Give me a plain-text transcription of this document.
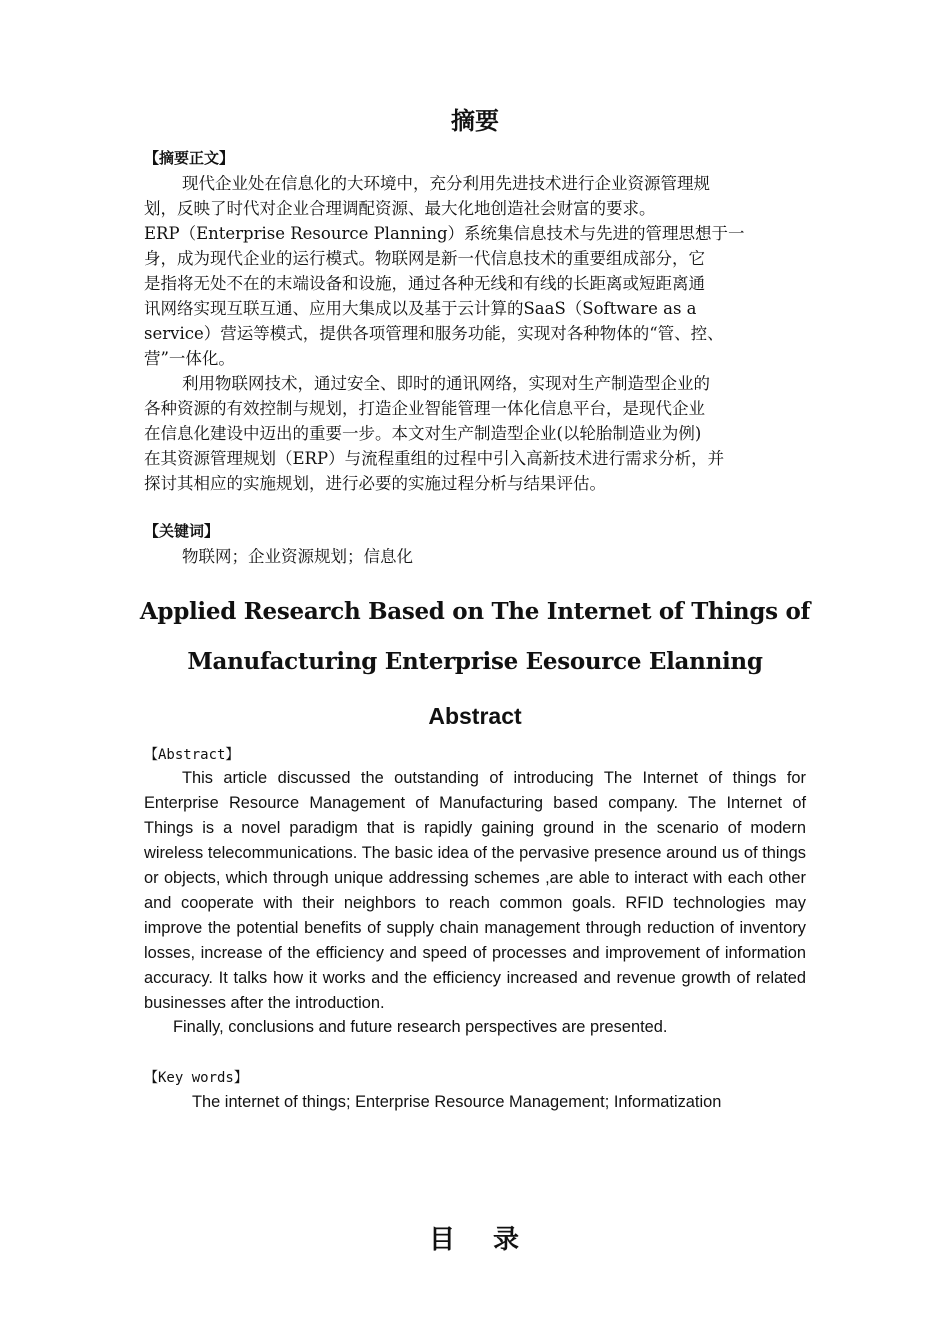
摘要
【摘要正文】
现代企业处在信息化的大环境中，充分利用先进技术进行企业资源管理规
划，反映了时代对企业合理调配资源、最大化地创造社会财富的要求。
ERP（Enterprise Resource Planning）系统集信息技术与先进的管理思想于一
身，成为现代企业的运行模式。物联网是新一代信息技术的重要组成部分，它
是指将无处不在的末端设备和设施，通过各种无线和有线的长距离或短距离通
讯网络实现互联互通、应用大集成以及基于云计算的SaaS（Software as a
service）营运等模式，提供各项管理和服务功能，实现对各种物体的“管、控、
营”一体化。
利用物联网技术，通过安全、即时的通讯网络，实现对生产制造型企业的
各种资源的有效控制与规划，打造企业智能管理一体化信息平台，是现代企业
在信息化建设中迈出的重要一步。本文对生产制造型企业(以轮胎制造业为例)
在其资源管理规划（ERP）与流程重组的过程中引入高新技术进行需求分析，并
探讨其相应的实施规划，进行必要的实施过程分析与结果评估。
【关键词】
物联网；企业资源规划；信息化
Applied Research Based on The Internet of Things of
Manufacturing Enterprise Eesource Elanning
Abstract
【Abstract】

This article discussed the outstanding of introducing The Internet of things for Enterprise Resource Management of Manufacturing based company. The Internet of Things is a novel paradigm that is rapidly gaining ground in the scenario of modern wireless telecommunications. The basic idea of the pervasive presence around us of things or objects, which through unique addressing schemes ,are able to interact with each other and cooperate with their neighbors to reach common goals. RFID technologies may improve the potential benefits of supply chain management through reduction of inventory losses, increase of the efficiency and speed of processes and improvement of information accuracy. It talks how it works and the efficiency increased and revenue growth of related businesses after the introduction.

Finally, conclusions and future research perspectives are presented.
【Key words】
The internet of things; Enterprise Resource Management; Informatization
目 录
